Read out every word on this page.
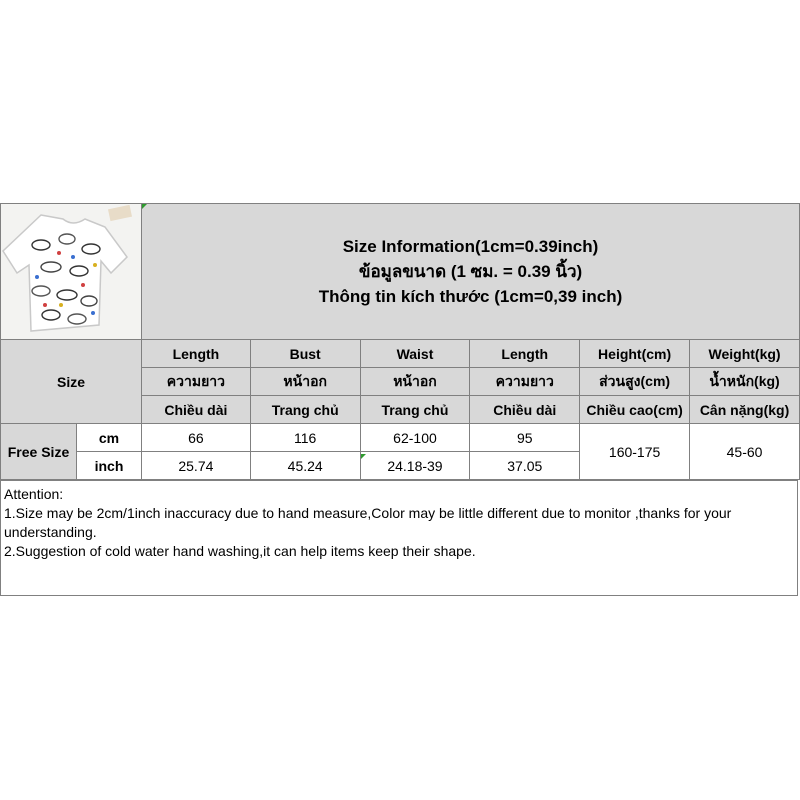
Size Information(1cm=0.39inch)
ข้อมูลขนาด (1 ซม. = 0.39 นิ้ว)
Thông tin kích thước (1cm=0,39 inch)					

Size		Length	Bust	Waist	Length	Height(cm)	Weight(kg)
		ความยาว	หน้าอก	หน้าอก	ความยาว	ส่วนสูง(cm)	น้ำหนัก(kg)
		Chiều dài	Trang chủ	Trang chủ	Chiều dài	Chiều cao(cm)	Cân nặng(kg)
Free Size	cm	66	116	62-100	95	160-175	45-60
	inch	25.74	45.24	24.18-39	37.05		
Attention:
1.Size may be 2cm/1inch inaccuracy due to hand measure,Color may be little different due to monitor ,thanks for your understanding.
2.Suggestion of cold water hand washing,it can help items keep their shape.
